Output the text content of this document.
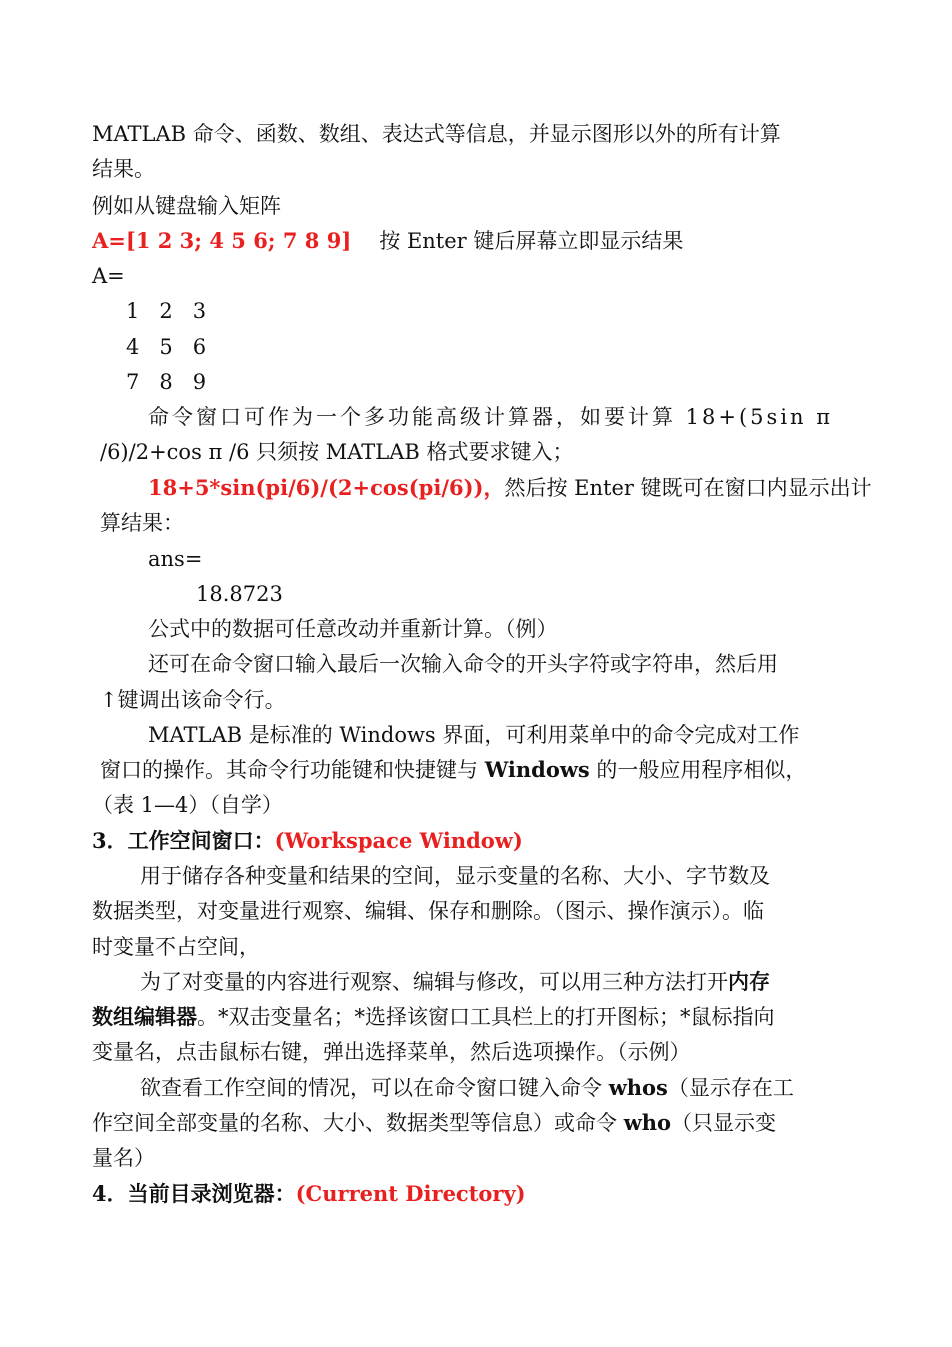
MATLAB 命令、函数、数组、表达式等信息，并显示图形以外的所有计算
结果。
例如从键盘输入矩阵
A=[1 2 3; 4 5 6; 7 8 9] 按 Enter 键后屏幕立即显示结果
A=
1   2   3
4   5   6
7   8   9
命令窗口可作为一个多功能高级计算器，如要计算 18+(5sin π
/6)/2+cos π /6 只须按 MATLAB 格式要求键入；
18+5*sin(pi/6)/(2+cos(pi/6))，然后按 Enter 键既可在窗口内显示出计
算结果：
ans=
18.8723
公式中的数据可任意改动并重新计算。（例）
还可在命令窗口输入最后一次输入命令的开头字符或字符串，然后用
↑键调出该命令行。
MATLAB 是标准的 Windows 界面，可利用菜单中的命令完成对工作
窗口的操作。其命令行功能键和快捷键与 Windows 的一般应用程序相似，
（表 1—4）（自学）
3．工作空间窗口：(Workspace Window)
用于储存各种变量和结果的空间，显示变量的名称、大小、字节数及
数据类型，对变量进行观察、编辑、保存和删除。（图示、操作演示）。临
时变量不占空间，
为了对变量的内容进行观察、编辑与修改，可以用三种方法打开内存
数组编辑器。*双击变量名；*选择该窗口工具栏上的打开图标；*鼠标指向
变量名，点击鼠标右键，弹出选择菜单，然后选项操作。（示例）
欲查看工作空间的情况，可以在命令窗口键入命令 whos（显示存在工
作空间全部变量的名称、大小、数据类型等信息）或命令 who（只显示变
量名）
4．当前目录浏览器：(Current Directory)
